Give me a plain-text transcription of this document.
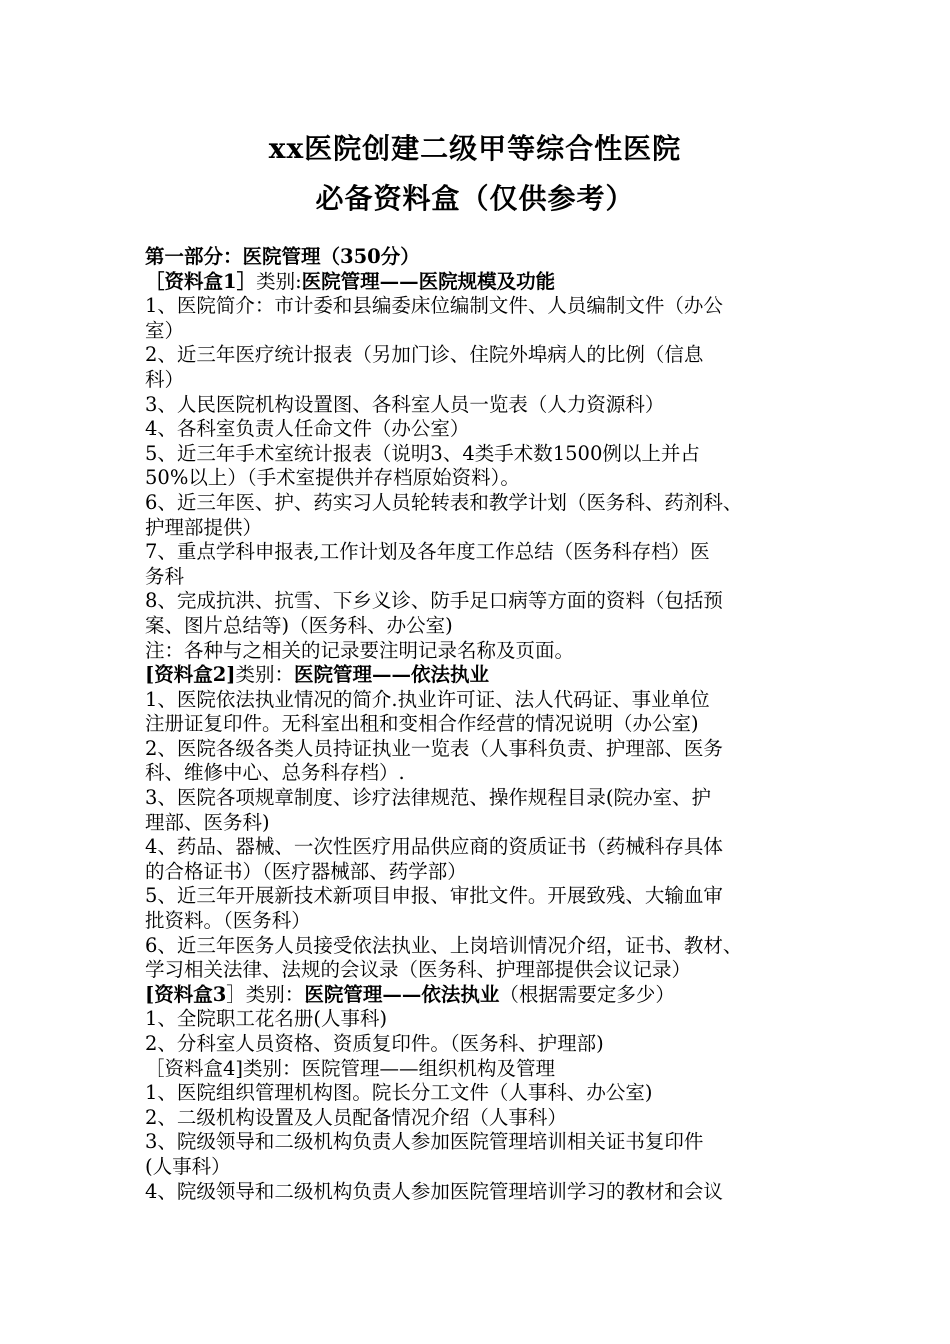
xx医院创建二级甲等综合性医院
必备资料盒（仅供参考）
第一部分：医院管理（350分）
［资料盒1］类别:医院管理——医院规模及功能
1、医院简介：市计委和县编委床位编制文件、人员编制文件（办公
室）
2、近三年医疗统计报表（另加门诊、住院外埠病人的比例（信息
科）
3、人民医院机构设置图、各科室人员一览表（人力资源科）
4、各科室负责人任命文件（办公室）
5、近三年手术室统计报表（说明3、4类手术数1500例以上并占
50%以上）（手术室提供并存档原始资料）。
6、近三年医、护、药实习人员轮转表和教学计划（医务科、药剂科、
护理部提供）
7、重点学科申报表,工作计划及各年度工作总结（医务科存档）医
务科
8、完成抗洪、抗雪、下乡义诊、防手足口病等方面的资料（包括预
案、图片总结等)（医务科、办公室)
注：各种与之相关的记录要注明记录名称及页面。
[资料盒2]类别：医院管理——依法执业
1、医院依法执业情况的简介.执业许可证、法人代码证、事业单位
注册证复印件。无科室出租和变相合作经营的情况说明（办公室)
2、医院各级各类人员持证执业一览表（人事科负责、护理部、医务
科、维修中心、总务科存档）.
3、医院各项规章制度、诊疗法律规范、操作规程目录(院办室、护
理部、医务科)
4、药品、器械、一次性医疗用品供应商的资质证书（药械科存具体
的合格证书）（医疗器械部、药学部）
5、近三年开展新技术新项目申报、审批文件。开展致残、大输血审
批资料。（医务科）
6、近三年医务人员接受依法执业、上岗培训情况介绍，证书、教材、
学习相关法律、法规的会议录（医务科、护理部提供会议记录）
[资料盒3］类别：医院管理——依法执业（根据需要定多少）
1、全院职工花名册(人事科)
2、分科室人员资格、资质复印件。（医务科、护理部)
［资料盒4]类别：医院管理——组织机构及管理
1、医院组织管理机构图。院长分工文件（人事科、办公室)
2、二级机构设置及人员配备情况介绍（人事科）
3、院级领导和二级机构负责人参加医院管理培训相关证书复印件
(人事科）
4、院级领导和二级机构负责人参加医院管理培训学习的教材和会议
